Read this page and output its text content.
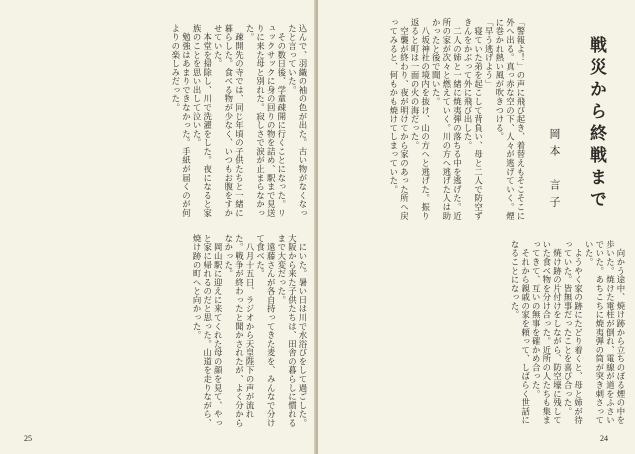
込んで、羽織の袖の色が出た。古い物がなくなったと言っていた。
　その数日後、学童疎開に行くことになった。リュックサックに身の回りの物を詰め、駅まで見送りに来た母と別れた。寂しさで涙が止まらなかった。
　疎開先の寺では、同じ年頃の子供たちと一緒に暮らした。食べる物が少なく、いつもお腹をすかせていた。
　本堂を掃除し、川で洗濯をした。夜になると家族のことを思い出して泣いた。
　勉強はあまりできなかった。手紙が届くのが何よりの楽しみだった。
　にいた。暑い日は川で水浴びをして過ごした。大阪から来た子供たちは、田舎の暮らしに慣れるまで大変だった。
　遠藤さんが各自持ってきた麦を、みんなで分けて食べた。
　八月十五日、ラジオから天皇陛下の声が流れた。戦争が終わったと聞かされたが、よく分からなかった。
　岡山駅に迎えに来てくれた母の顔を見て、やっと家に帰れるのだと思った。山道を走りながら、焼け跡の町へと向かった。
25
戦災から終戦まで
岡本　言子
「警報よ！」の声に飛び起き、着替えもそこそこに外へ出る。真っ赤な空の下、人々が逃げていく。煙に巻かれ熱い風が吹きつける。
「早う逃げよう」
　寝ていた弟を起こして背負い、母と二人で防空ずきんをかぶって外に飛び出した。
　二人の姉と一緒に焼夷弾の落ちる中を逃げた。近所の家が次々と燃えていく。川の方へ逃げた人は助かったと後で聞いた。
　八坂神社の境内を抜け、山の方へと逃げた。振り返ると町は一面の火の海だった。
　空襲が終わり、夜が明けてから家のあった所へ戻ってみると、何もかも焼けてしまっていた。
　向かう途中、焼け跡から立ちのぼる煙の中を歩いた。焼けた電柱が倒れ、電線が道をふさいでいた。あちこちに焼夷弾の筒が突き刺さっていた。
　ようやく家の跡にたどり着くと、母と姉が待っていた。皆無事だったことを喜び合った。
　焼け跡の片付けをしながら、防空壕に残していた食べ物を分け合った。近所の人たちも集まってきて、互いの無事を確かめ合った。
　それから親戚の家を頼って、しばらく世話になることになった。
24
